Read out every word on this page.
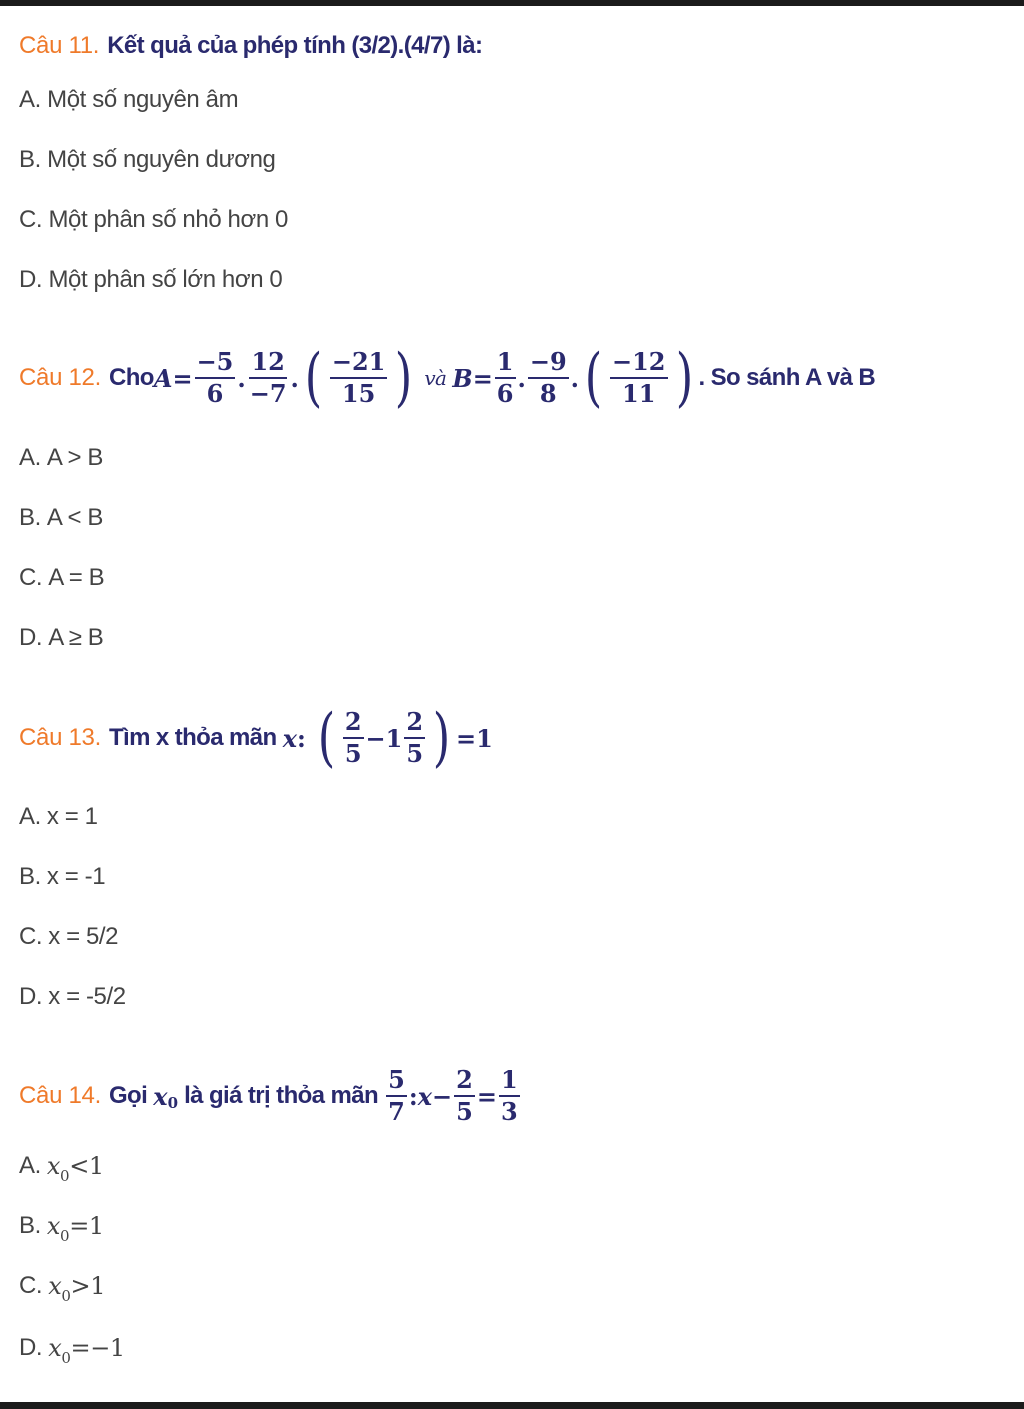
Câu 11. Kết quả của phép tính (3/2).(4/7) là:
A. Một số nguyên âm
B. Một số nguyên dương
C. Một phân số nhỏ hơn 0
D. Một phân số lớn hơn 0
Câu 12. Cho $A = \frac{-5}{6}$ . $\frac{12}{-7}$ . ( $\frac{-21}{15}$ ) và $B = \frac{1}{6}$ . $\frac{-9}{8}$ . ( $\frac{-12}{11}$ ) . So sánh A và B
A. A > B
B. A < B
C. A = B
D. A ≥ B
Câu 13. Tìm x thỏa mãn
x : ( $\frac{2}{5} - 1 \frac{2}{5}$ ) =1
A. x = 1
B. x = -1
C. x = 5/2
D. x = -5/2
Câu 14. Gọi
x 0
là giá trị thỏa mãn
$\frac{5}{7}$ : $x - \frac{2}{5} = \frac{1}{3}$
A. $x_0<1$
B. $x_0=1$
C. $x_0>1$
D. $x_0=-1$
